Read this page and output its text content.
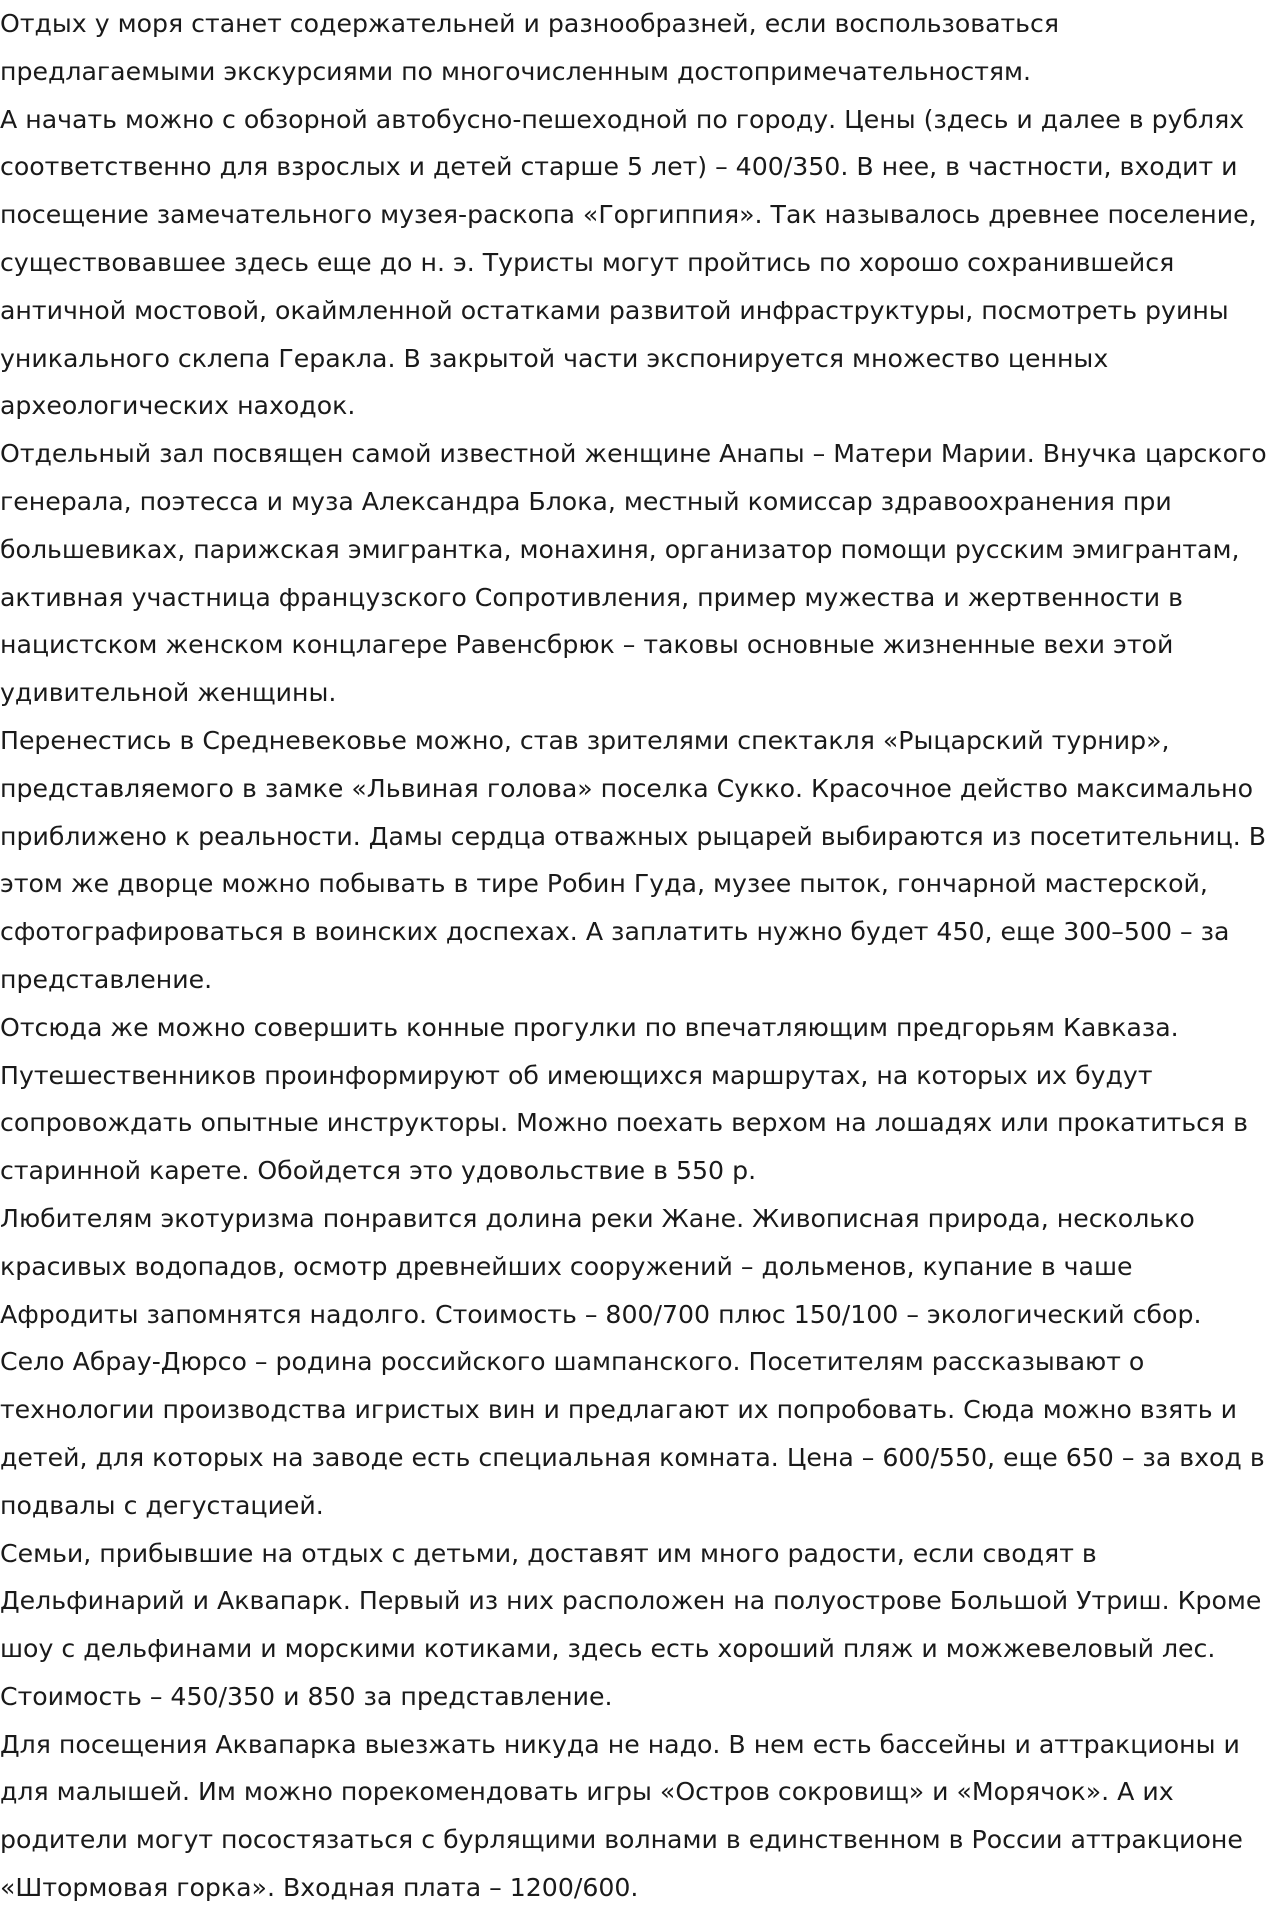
Отдых у моря станет содержательней и разнообразней, если воспользоваться предлагаемыми экскурсиями по многочисленным достопримечательностям.

А начать можно с обзорной автобусно-пешеходной по городу. Цены (здесь и далее в рублях соответственно для взрослых и детей старше 5 лет) – 400/350. В нее, в частности, входит и посещение замечательного музея-раскопа «Горгиппия». Так называлось древнее поселение, существовавшее здесь еще до н. э. Туристы могут пройтись по хорошо сохранившейся античной мостовой, окаймленной остатками развитой инфраструктуры, посмотреть руины уникального склепа Геракла. В закрытой части экспонируется множество ценных археологических находок.

Отдельный зал посвящен самой известной женщине Анапы – Матери Марии. Внучка царского генерала, поэтесса и муза Александра Блока, местный комиссар здравоохранения при большевиках, парижская эмигрантка, монахиня, организатор помощи русским эмигрантам, активная участница французского Сопротивления, пример мужества и жертвенности в нацистском женском концлагере Равенсбрюк – таковы основные жизненные вехи этой удивительной женщины.

Перенестись в Средневековье можно, став зрителями спектакля «Рыцарский турнир», представляемого в замке «Львиная голова» поселка Сукко. Красочное действо максимально приближено к реальности. Дамы сердца отважных рыцарей выбираются из посетительниц. В этом же дворце можно побывать в тире Робин Гуда, музее пыток, гончарной мастерской, сфотографироваться в воинских доспехах. А заплатить нужно будет 450, еще 300–500 – за представление.

Отсюда же можно совершить конные прогулки по впечатляющим предгорьям Кавказа. Путешественников проинформируют об имеющихся маршрутах, на которых их будут сопровождать опытные инструкторы. Можно поехать верхом на лошадях или прокатиться в старинной карете. Обойдется это удовольствие в 550 р.

Любителям экотуризма понравится долина реки Жане. Живописная природа, несколько красивых водопадов, осмотр древнейших сооружений – дольменов, купание в чаше Афродиты запомнятся надолго. Стоимость – 800/700 плюс 150/100 – экологический сбор.

Село Абрау-Дюрсо – родина российского шампанского. Посетителям рассказывают о технологии производства игристых вин и предлагают их попробовать. Сюда можно взять и детей, для которых на заводе есть специальная комната. Цена – 600/550, еще 650 – за вход в подвалы с дегустацией.

Семьи, прибывшие на отдых с детьми, доставят им много радости, если сводят в Дельфинарий и Аквапарк. Первый из них расположен на полуострове Большой Утриш. Кроме шоу с дельфинами и морскими котиками, здесь есть хороший пляж и можжевеловый лес. Стоимость – 450/350 и 850 за представление.

Для посещения Аквапарка выезжать никуда не надо. В нем есть бассейны и аттракционы и для малышей. Им можно порекомендовать игры «Остров сокровищ» и «Морячок». А их родители могут посостязаться с бурлящими волнами в единственном в России аттракционе «Штормовая горка». Входная плата – 1200/600.
